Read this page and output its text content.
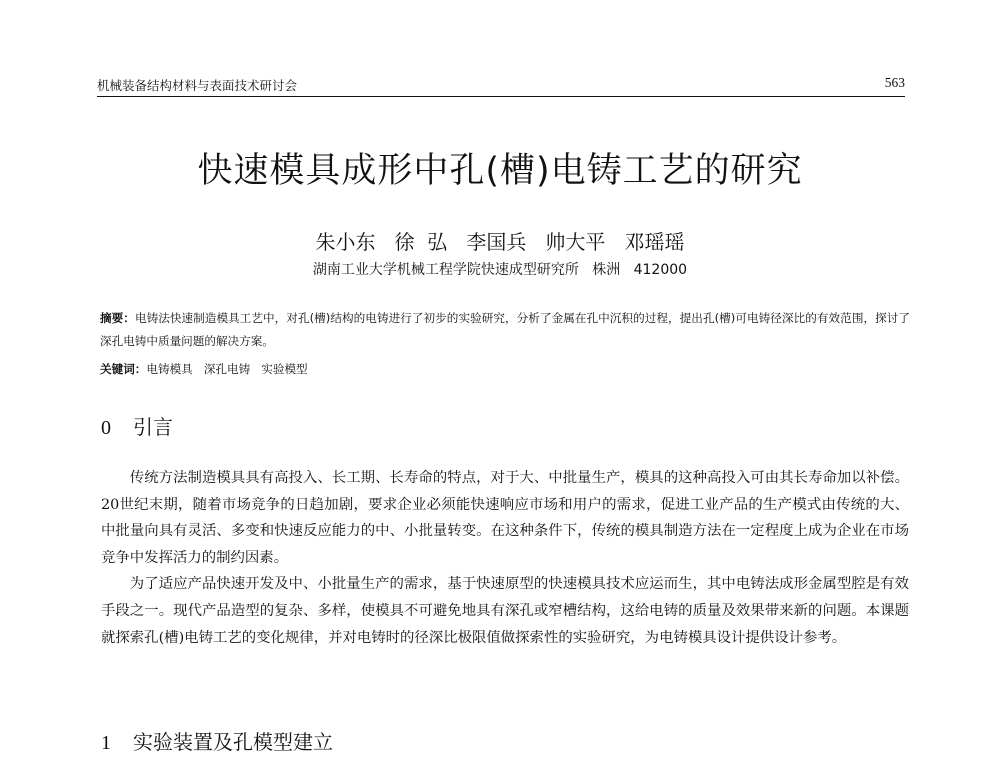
机械装备结构材料与表面技术研讨会	563
快速模具成形中孔(槽)电铸工艺的研究
朱小东   徐  弘   李国兵   帅大平   邓瑶瑶
湖南工业大学机械工程学院快速成型研究所   株洲   412000
摘要：电铸法快速制造模具工艺中，对孔(槽)结构的电铸进行了初步的实验研究，分析了金属在孔中沉积的过程，提出孔(槽)可电铸径深比的有效范围，探讨了深孔电铸中质量问题的解决方案。
关键词：电铸模具   深孔电铸   实验模型
0 引言

传统方法制造模具具有高投入、长工期、长寿命的特点，对于大、中批量生产，模具的这种高投入可由其长寿命加以补偿。20世纪末期，随着市场竞争的日趋加剧，要求企业必须能快速响应市场和用户的需求，促进工业产品的生产模式由传统的大、中批量向具有灵活、多变和快速反应能力的中、小批量转变。在这种条件下，传统的模具制造方法在一定程度上成为企业在市场竞争中发挥活力的制约因素。

为了适应产品快速开发及中、小批量生产的需求，基于快速原型的快速模具技术应运而生，其中电铸法成形金属型腔是有效手段之一。现代产品造型的复杂、多样，使模具不可避免地具有深孔或窄槽结构，这给电铸的质量及效果带来新的问题。本课题就探索孔(槽)电铸工艺的变化规律，并对电铸时的径深比极限值做探索性的实验研究，为电铸模具设计提供设计参考。

1 实验装置及孔模型建立
